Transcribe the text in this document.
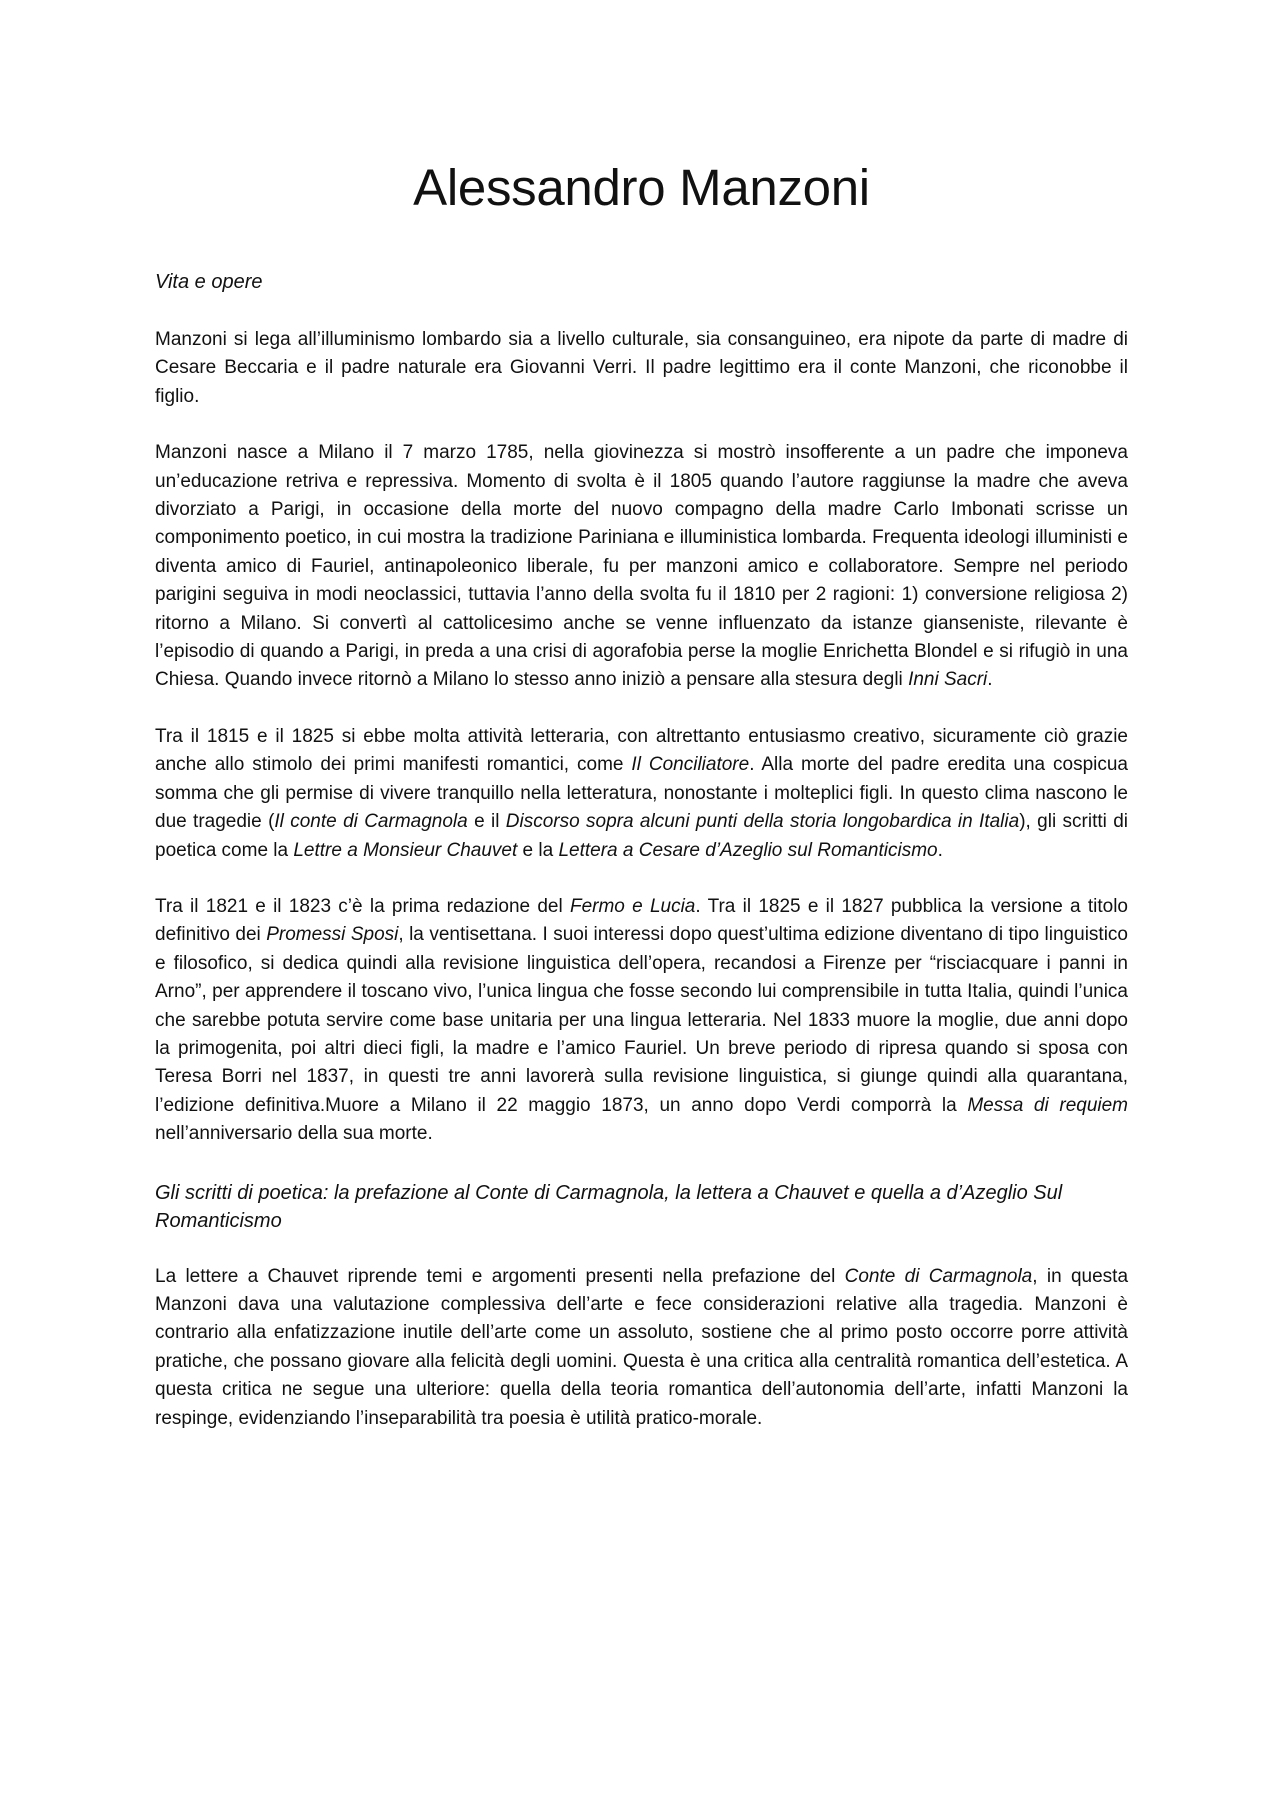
Alessandro Manzoni
Vita e opere

Manzoni si lega all’illuminismo lombardo sia a livello culturale, sia consanguineo, era nipote da parte di madre di Cesare Beccaria e il padre naturale era Giovanni Verri. Il padre legittimo era il conte Manzoni, che riconobbe il figlio.

Manzoni nasce a Milano il 7 marzo 1785, nella giovinezza si mostrò insofferente a un padre che imponeva un’educazione retriva e repressiva. Momento di svolta è il 1805 quando l’autore raggiunse la madre che aveva divorziato a Parigi, in occasione della morte del nuovo compagno della madre Carlo Imbonati scrisse un componimento poetico, in cui mostra la tradizione Pariniana e illuministica lombarda. Frequenta ideologi illuministi e diventa amico di Fauriel, antinapoleonico liberale, fu per manzoni amico e collaboratore. Sempre nel periodo parigini seguiva in modi neoclassici, tuttavia l’anno della svolta fu il 1810 per 2 ragioni: 1) conversione religiosa 2) ritorno a Milano. Si convertì al cattolicesimo anche se venne influenzato da istanze giansenistе, rilevante è l’episodio di quando a Parigi, in preda a una crisi di agorafobia perse la moglie Enrichetta Blondel e si rifugiò in una Chiesa. Quando invece ritornò a Milano lo stesso anno iniziò a pensare alla stesura degli Inni Sacri.

Tra il 1815 e il 1825 si ebbe molta attività letteraria, con altrettanto entusiasmo creativo, sicuramente ciò grazie anche allo stimolo dei primi manifesti romantici, come Il Conciliatore. Alla morte del padre eredita una cospicua somma che gli permise di vivere tranquillo nella letteratura, nonostante i molteplici figli. In questo clima nascono le due tragedie (Il conte di Carmagnola e il Discorso sopra alcuni punti della storia longobardica in Italia), gli scritti di poetica come la Lettre a Monsieur Chauvet e la Lettera a Cesare d’Azeglio sul Romanticismo.

Tra il 1821 e il 1823 c’è la prima redazione del Fermo e Lucia. Tra il 1825 e il 1827 pubblica la versione a titolo definitivo dei Promessi Sposi, la ventisettana. I suoi interessi dopo quest’ultima edizione diventano di tipo linguistico e filosofico, si dedica quindi alla revisione linguistica dell’opera, recandosi a Firenze per “risciacquare i panni in Arno”, per apprendere il toscano vivo, l’unica lingua che fosse secondo lui comprensibile in tutta Italia, quindi l’unica che sarebbe potuta servire come base unitaria per una lingua letteraria. Nel 1833 muore la moglie, due anni dopo la primogenita, poi altri dieci figli, la madre e l’amico Fauriel. Un breve periodo di ripresa quando si sposa con Teresa Borri nel 1837, in questi tre anni lavorerà sulla revisione linguistica, si giunge quindi alla quarantana, l’edizione definitiva.Muore a Milano il 22 maggio 1873, un anno dopo Verdi comporrà la Messa di requiem nell’anniversario della sua morte.

Gli scritti di poetica: la prefazione al Conte di Carmagnola, la lettera a Chauvet e quella a d’Azeglio Sul Romanticismo

La lettere a Chauvet riprende temi e argomenti presenti nella prefazione del Conte di Carmagnola, in questa Manzoni dava una valutazione complessiva dell’arte e fece considerazioni relative alla tragedia. Manzoni è contrario alla enfatizzazione inutile dell’arte come un assoluto, sostiene che al primo posto occorre porre attività pratiche, che possano giovare alla felicità degli uomini. Questa è una critica alla centralità romantica dell’estetica. A questa critica ne segue una ulteriore: quella della teoria romantica dell’autonomia dell’arte, infatti Manzoni la respinge, evidenziando l’inseparabilità tra poesia è utilità pratico-morale.
